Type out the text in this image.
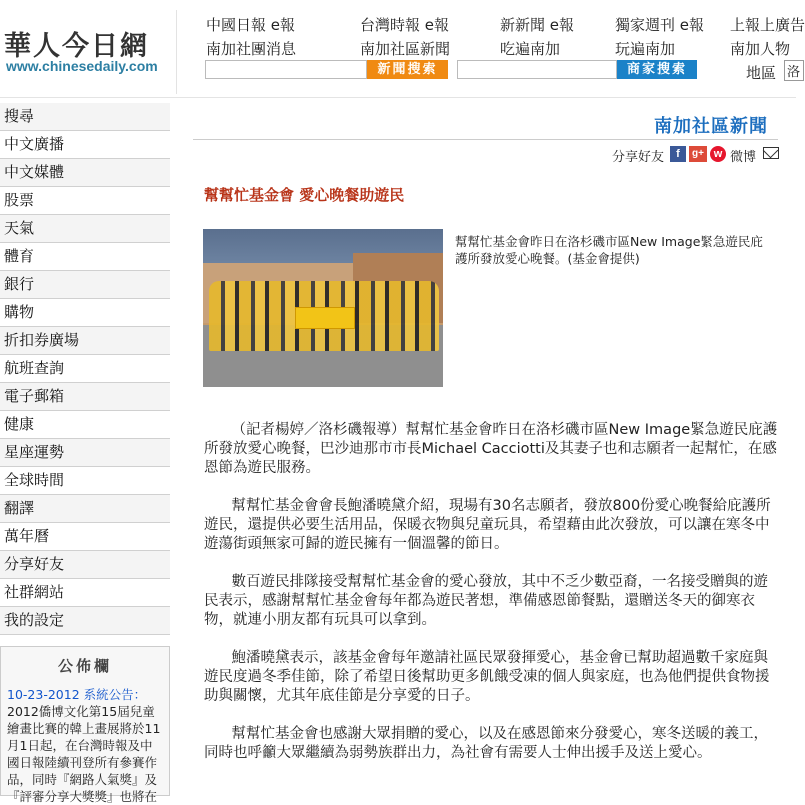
華人今日網
www.chinesedaily.com
中國日報 e報	台灣時報 e報	新新聞 e報	獨家週刊 e報 上報上廣告
南加社團消息	南加社區新聞	吃遍南加	玩遍南加	南加人物
新聞搜索	商家搜索	地區 洛
搜尋
中文廣播
中文媒體
股票
天氣
體育
銀行
購物
折扣券廣場
航班查詢
電子郵箱
健康
星座運勢
全球時間
翻譯
萬年曆
分享好友
社群網站
我的設定
公佈欄
10-23-2012 系統公告：
2012僑博文化第15屆兒童繪畫比賽的韓上畫展將於11月1日起，在台灣時報及中國日報陸續刊登所有參賽作品，同時『網路人氣獎』及『評審分享大獎獎』也將在
南加社區新聞
分享好友	f	g+ w 微博
幫幫忙基金會 愛心晚餐助遊民
幫幫忙基金會昨日在洛杉磯市區New Image緊急遊民庇護所發放愛心晚餐。(基金會提供)

（記者楊婷／洛杉磯報導）幫幫忙基金會昨日在洛杉磯市區New Image緊急遊民庇護所發放愛心晚餐，巴沙迪那市市長Michael Cacciotti及其妻子也和志願者一起幫忙，在感恩節為遊民服務。

幫幫忙基金會會長鮑潘曉黛介紹，現場有30名志願者，發放800份愛心晚餐給庇護所遊民，還提供必要生活用品，保暖衣物與兒童玩具，希望藉由此次發放，可以讓在寒冬中遊蕩街頭無家可歸的遊民擁有一個溫馨的節日。

數百遊民排隊接受幫幫忙基金會的愛心發放，其中不乏少數亞裔，一名接受贈與的遊民表示，感謝幫幫忙基金會每年都為遊民著想，準備感恩節餐點，還贈送冬天的御寒衣物，就連小朋友都有玩具可以拿到。

鮑潘曉黛表示，該基金會每年邀請社區民眾發揮愛心，基金會已幫助超過數千家庭與遊民度過冬季佳節，除了希望日後幫助更多飢餓受凍的個人與家庭，也為他們提供食物援助與關懷，尤其年底佳節是分享愛的日子。

幫幫忙基金會也感謝大眾捐贈的愛心，以及在感恩節來分發愛心，寒冬送暖的義工，同時也呼籲大眾繼續為弱勢族群出力，為社會有需要人士伸出援手及送上愛心。
